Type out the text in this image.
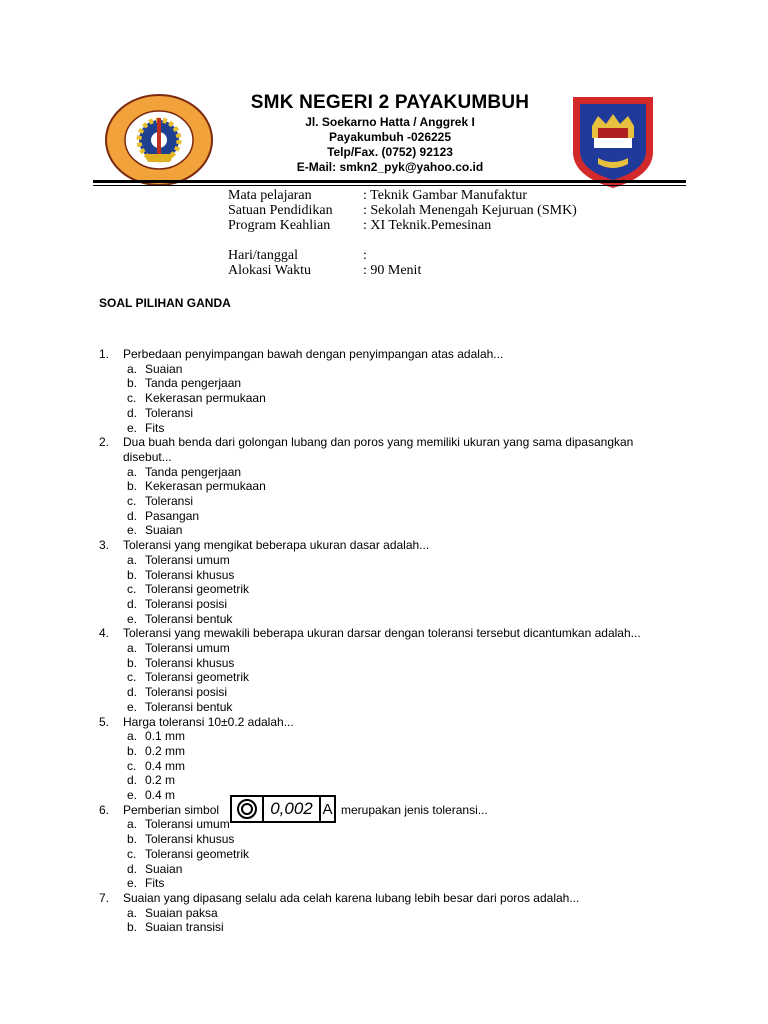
SMK NEGERI 2 PAYAKUMBUH
Jl. Soekarno Hatta / Anggrek I
Payakumbuh -026225
Telp/Fax. (0752) 92123
E-Mail: smkn2_pyk@yahoo.co.id
Mata pelajaran	: Teknik Gambar Manufaktur
Satuan Pendidikan : Sekolah Menengah Kejuruan (SMK)
Program Keahlian : XI Teknik.Pemesinan
Hari/tanggal	:
Alokasi Waktu	: 90 Menit
SOAL PILIHAN GANDA
1.	Perbedaan penyimpangan bawah dengan penyimpangan atas adalah...
a. Suaian
b. Tanda pengerjaan
c. Kekerasan permukaan
d. Toleransi
e. Fits
2.	Dua buah benda dari golongan lubang dan poros yang memiliki ukuran yang sama dipasangkan
disebut...
a. Tanda pengerjaan
b. Kekerasan permukaan
c. Toleransi
d. Pasangan
e. Suaian
3.	Toleransi yang mengikat beberapa ukuran dasar adalah...
a. Toleransi umum
b. Toleransi khusus
c. Toleransi geometrik
d. Toleransi posisi
e. Toleransi bentuk
4.	Toleransi yang mewakili beberapa ukuran darsar dengan toleransi tersebut dicantumkan adalah...
a. Toleransi umum
b. Toleransi khusus
c. Toleransi geometrik
d. Toleransi posisi
e. Toleransi bentuk
5.	Harga toleransi 10±0.2 adalah...
a. 0.1 mm
b. 0.2 mm
c. 0.4 mm
d. 0.2 m
e. 0.4 m
6.	Pemberian simbol	merupakan jenis toleransi...
a. Toleransi umum
b. Toleransi khusus
c. Toleransi geometrik
d. Suaian
e. Fits
7.	Suaian yang dipasang selalu ada celah karena lubang lebih besar dari poros adalah...
a. Suaian paksa
b. Suaian transisi
0,002 A
